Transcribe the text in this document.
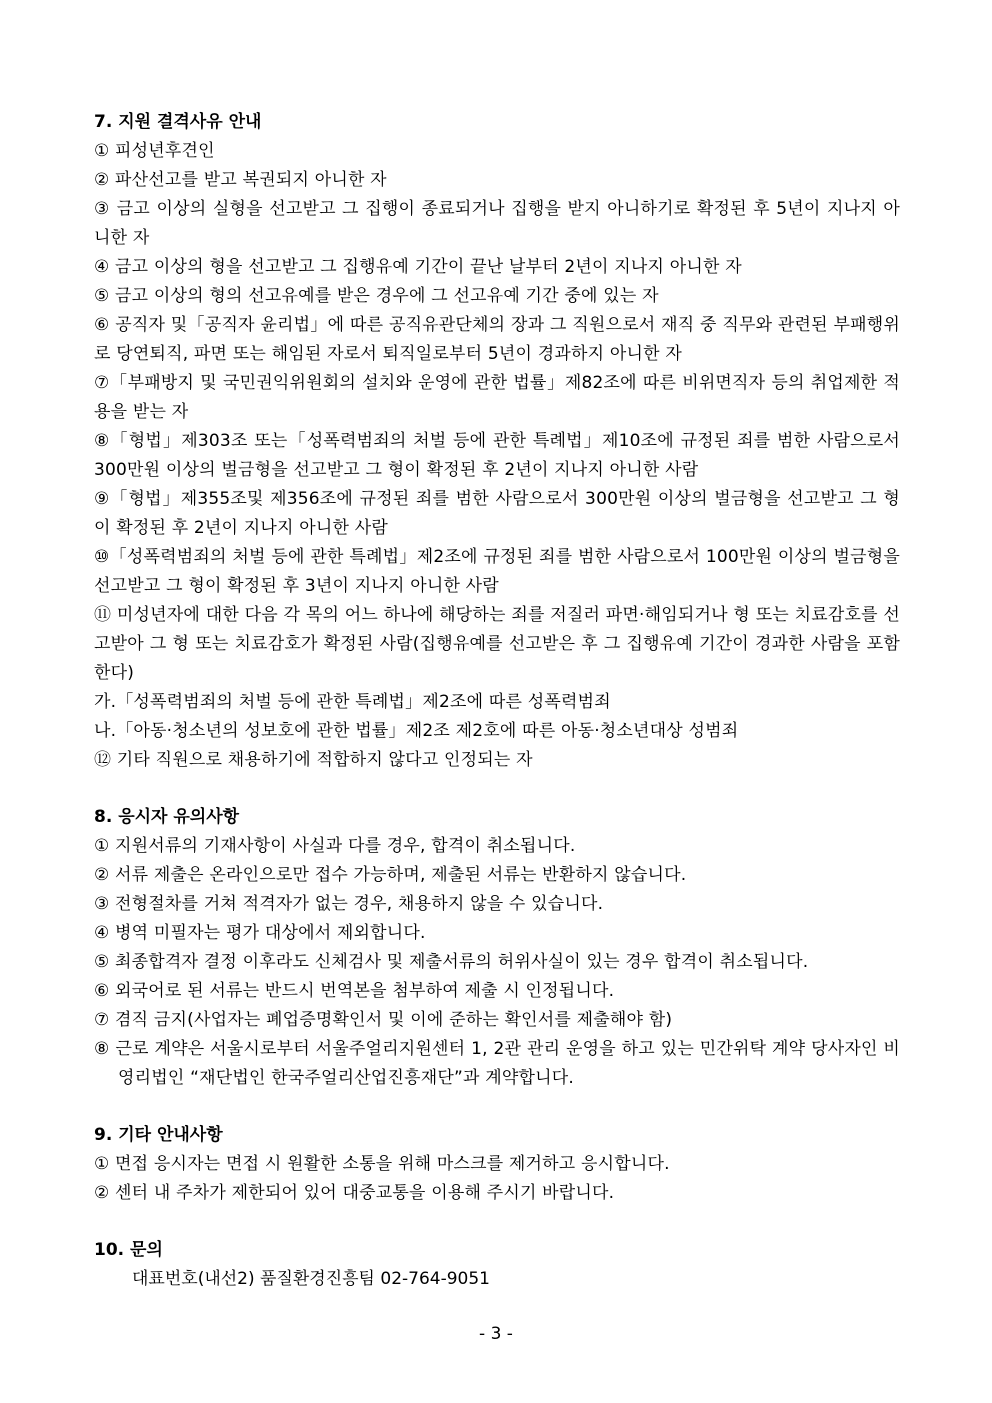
7. 지원 결격사유 안내
① 피성년후견인
② 파산선고를 받고 복권되지 아니한 자
③ 금고 이상의 실형을 선고받고 그 집행이 종료되거나 집행을 받지 아니하기로 확정된 후 5년이 지나지 아니한 자
④ 금고 이상의 형을 선고받고 그 집행유예 기간이 끝난 날부터 2년이 지나지 아니한 자
⑤ 금고 이상의 형의 선고유예를 받은 경우에 그 선고유예 기간 중에 있는 자
⑥ 공직자 및「공직자 윤리법」에 따른 공직유관단체의 장과 그 직원으로서 재직 중 직무와 관련된 부패행위로 당연퇴직, 파면 또는 해임된 자로서 퇴직일로부터 5년이 경과하지 아니한 자
⑦「부패방지 및 국민권익위원회의 설치와 운영에 관한 법률」제82조에 따른 비위면직자 등의 취업제한 적용을 받는 자
⑧「형법」제303조 또는「성폭력범죄의 처벌 등에 관한 특례법」제10조에 규정된 죄를 범한 사람으로서 300만원 이상의 벌금형을 선고받고 그 형이 확정된 후 2년이 지나지 아니한 사람
⑨「형법」제355조및 제356조에 규정된 죄를 범한 사람으로서 300만원 이상의 벌금형을 선고받고 그 형이 확정된 후 2년이 지나지 아니한 사람
⑩「성폭력범죄의 처벌 등에 관한 특례법」제2조에 규정된 죄를 범한 사람으로서 100만원 이상의 벌금형을 선고받고 그 형이 확정된 후 3년이 지나지 아니한 사람
⑪ 미성년자에 대한 다음 각 목의 어느 하나에 해당하는 죄를 저질러 파면·해임되거나 형 또는 치료감호를 선고받아 그 형 또는 치료감호가 확정된 사람(집행유예를 선고받은 후 그 집행유예 기간이 경과한 사람을 포함한다)
가.「성폭력범죄의 처벌 등에 관한 특례법」제2조에 따른 성폭력범죄
나.「아동·청소년의 성보호에 관한 법률」제2조 제2호에 따른 아동·청소년대상 성범죄
⑫ 기타 직원으로 채용하기에 적합하지 않다고 인정되는 자
8. 응시자 유의사항
① 지원서류의 기재사항이 사실과 다를 경우, 합격이 취소됩니다.
② 서류 제출은 온라인으로만 접수 가능하며, 제출된 서류는 반환하지 않습니다.
③ 전형절차를 거쳐 적격자가 없는 경우, 채용하지 않을 수 있습니다.
④ 병역 미필자는 평가 대상에서 제외합니다.
⑤ 최종합격자 결정 이후라도 신체검사 및 제출서류의 허위사실이 있는 경우 합격이 취소됩니다.
⑥ 외국어로 된 서류는 반드시 번역본을 첨부하여 제출 시 인정됩니다.
⑦ 겸직 금지(사업자는 폐업증명확인서 및 이에 준하는 확인서를 제출해야 함)
⑧ 근로 계약은 서울시로부터 서울주얼리지원센터 1, 2관 관리 운영을 하고 있는 민간위탁 계약 당사자인 비영리법인 “재단법인 한국주얼리산업진흥재단”과 계약합니다.
9. 기타 안내사항
① 면접 응시자는 면접 시 원활한 소통을 위해 마스크를 제거하고 응시합니다.
② 센터 내 주차가 제한되어 있어 대중교통을 이용해 주시기 바랍니다.
10. 문의
대표번호(내선2) 품질환경진흥팀 02-764-9051
- 3 -
